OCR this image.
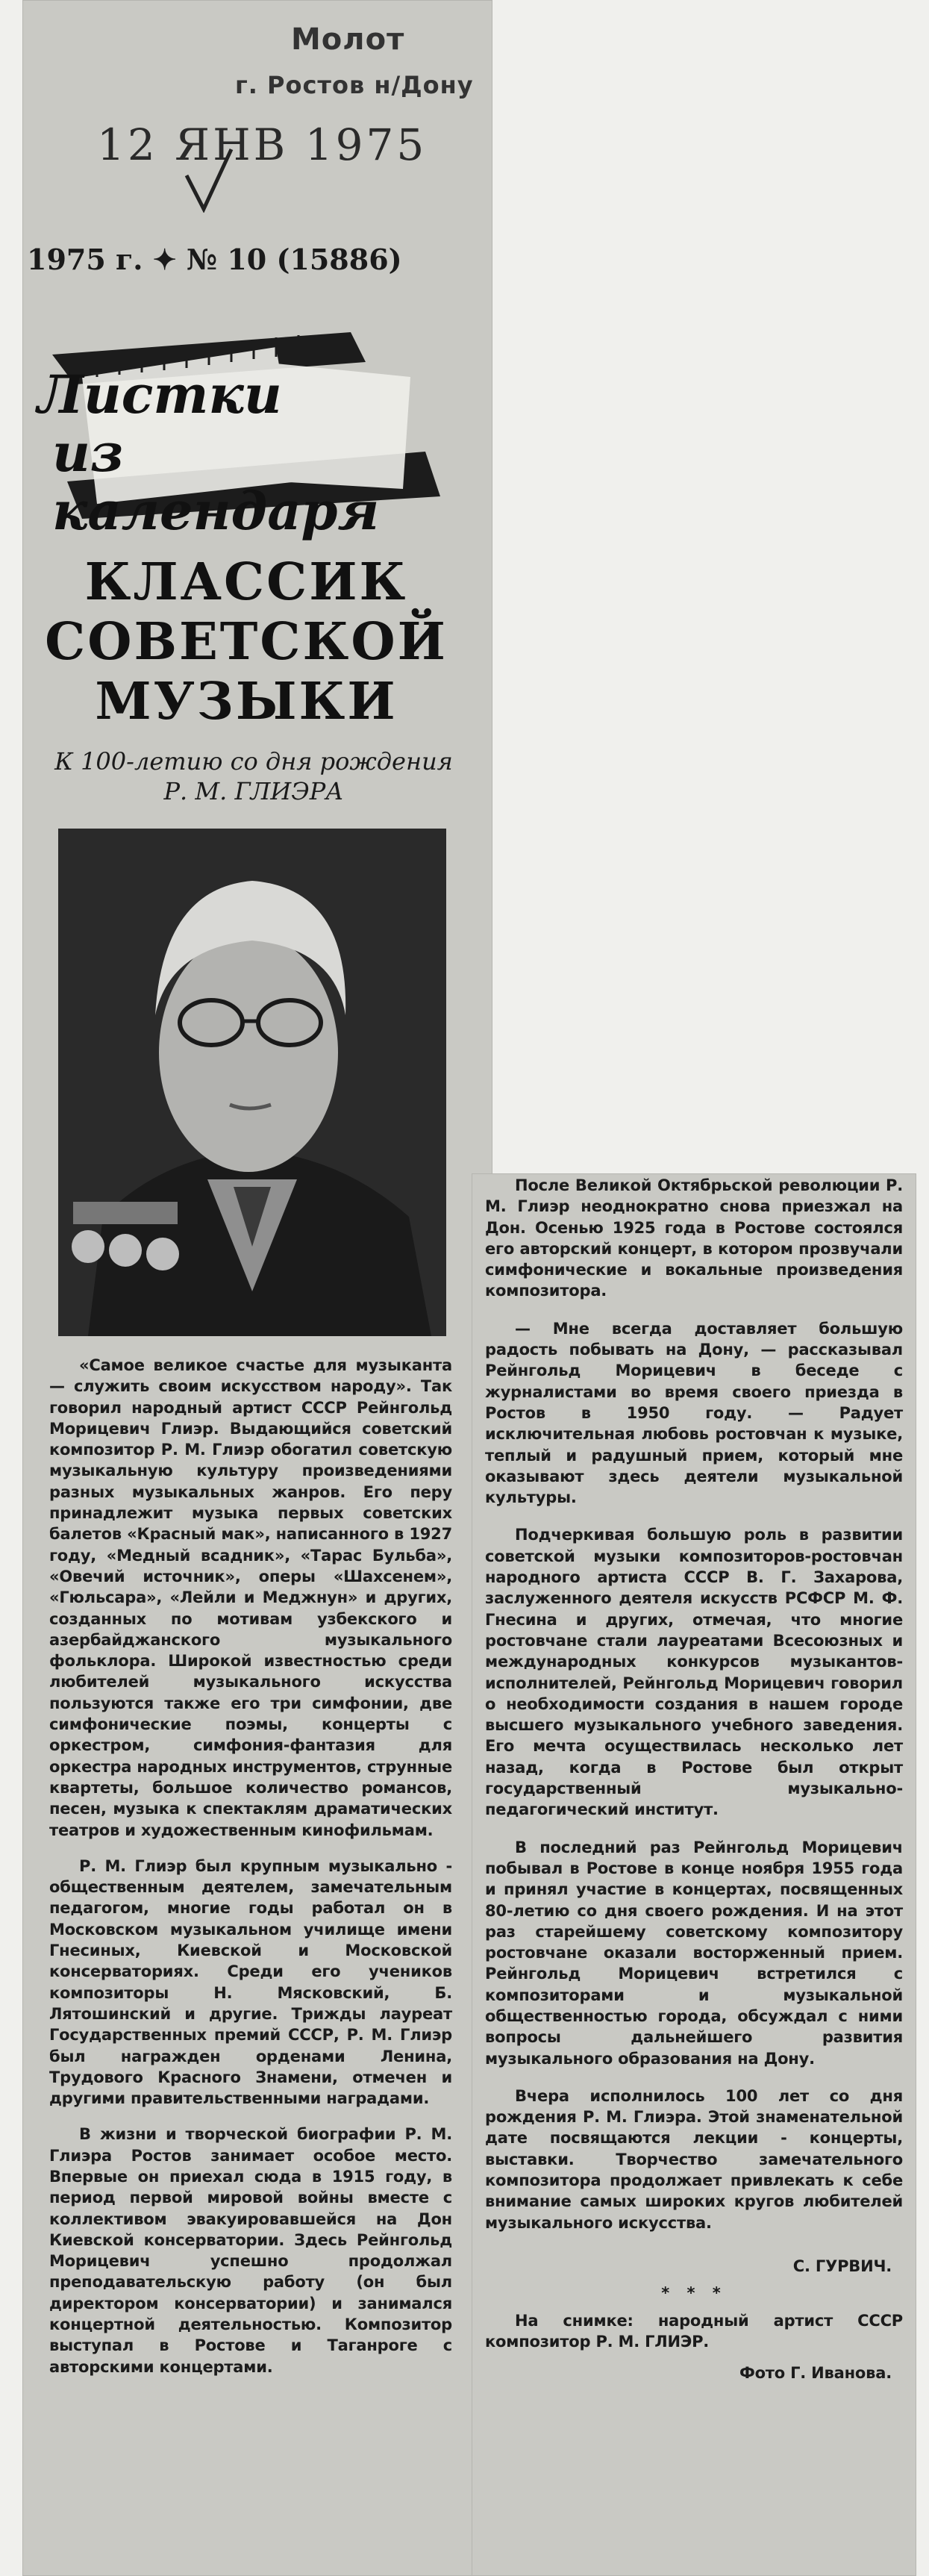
Молот
г. Ростов н/Дону
12 ЯНВ 1975
1975 г. ✦ № 10 (15886)
Листки
из календаря
КЛАССИК
СОВЕТСКОЙ
МУЗЫКИ
К 100-летию со дня рождения
Р. М. ГЛИЭРА

«Самое великое счастье для музыканта — служить своим искусством народу». Так говорил народный артист СССР Рейнгольд Морицевич Глиэр. Выдающийся советский композитор Р. М. Глиэр обогатил советскую музыкальную культуру произведениями разных музыкальных жанров. Его перу принадлежит музыка первых советских балетов «Красный мак», написанного в 1927 году, «Медный всадник», «Тарас Бульба», «Овечий источник», оперы «Шахсенем», «Гюльсара», «Лейли и Меджнун» и других, созданных по мотивам узбекского и азербайджанского музыкального фольклора. Широкой известностью среди любителей музыкального искусства пользуются также его три симфонии, две симфонические поэмы, концерты с оркестром, симфония-фантазия для оркестра народных инструментов, струнные квартеты, большое количество романсов, песен, музыка к спектаклям драматических театров и художественным кинофильмам.

Р. М. Глиэр был крупным музыкально - общественным деятелем, замечательным педагогом, многие годы работал он в Московском музыкальном училище имени Гнесиных, Киевской и Московской консерваториях. Среди его учеников композиторы Н. Мясковский, Б. Лятошинский и другие. Трижды лауреат Государственных премий СССР, Р. М. Глиэр был награжден орденами Ленина, Трудового Красного Знамени, отмечен и другими правительственными наградами.

В жизни и творческой биографии Р. М. Глиэра Ростов занимает особое место. Впервые он приехал сюда в 1915 году, в период первой мировой войны вместе с коллективом эвакуировавшейся на Дон Киевской консерватории. Здесь Рейнгольд Морицевич успешно продолжал преподавательскую работу (он был директором консерватории) и занимался концертной деятельностью. Композитор выступал в Ростове и Таганроге с авторскими концертами.

После Великой Октябрьской революции Р. М. Глиэр неоднократно снова приезжал на Дон. Осенью 1925 года в Ростове состоялся его авторский концерт, в котором прозвучали симфонические и вокальные произведения композитора.

— Мне всегда доставляет большую радость побывать на Дону, — рассказывал Рейнгольд Морицевич в беседе с журналистами во время своего приезда в Ростов в 1950 году. — Радует исключительная любовь ростовчан к музыке, теплый и радушный прием, который мне оказывают здесь деятели музыкальной культуры.

Подчеркивая большую роль в развитии советской музыки композиторов-ростовчан народного артиста СССР В. Г. Захарова, заслуженного деятеля искусств РСФСР М. Ф. Гнесина и других, отмечая, что многие ростовчане стали лауреатами Всесоюзных и международных конкурсов музыкантов-исполнителей, Рейнгольд Морицевич говорил о необходимости создания в нашем городе высшего музыкального учебного заведения. Его мечта осуществилась несколько лет назад, когда в Ростове был открыт государственный музыкально-педагогический институт.

В последний раз Рейнгольд Морицевич побывал в Ростове в конце ноября 1955 года и принял участие в концертах, посвященных 80-летию со дня своего рождения. И на этот раз старейшему советскому композитору ростовчане оказали восторженный прием. Рейнгольд Морицевич встретился с композиторами и музыкальной общественностью города, обсуждал с ними вопросы дальнейшего развития музыкального образования на Дону.

Вчера исполнилось 100 лет со дня рождения Р. М. Глиэра. Этой знаменательной дате посвящаются лекции - концерты, выставки. Творчество замечательного композитора продолжает привлекать к себе внимание самых широких кругов любителей музыкального искусства.

С. ГУРВИЧ.

* * *

На снимке: народный артист СССР композитор Р. М. ГЛИЭР.

Фото Г. Иванова.
